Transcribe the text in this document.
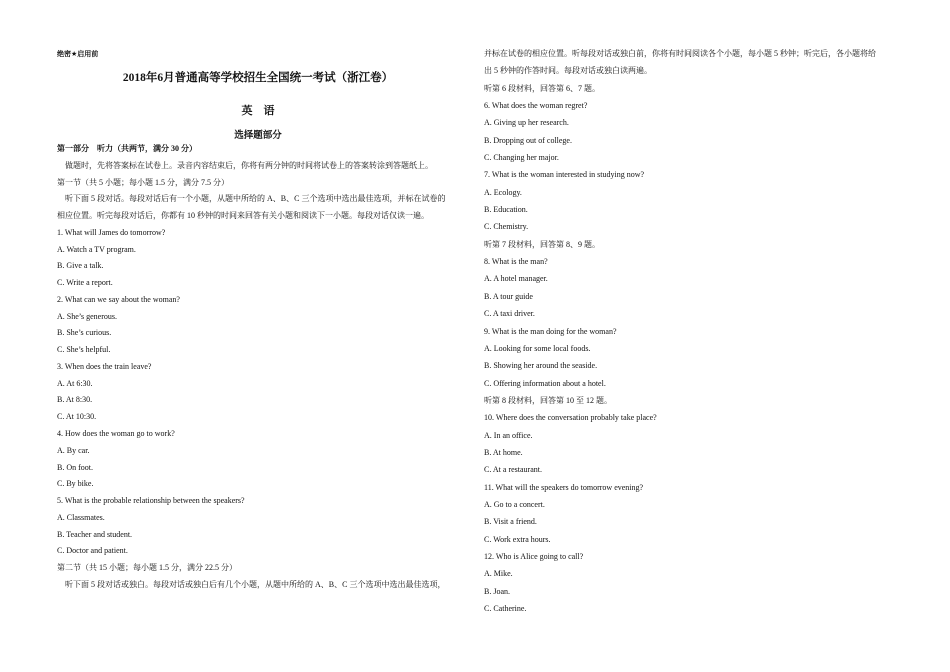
绝密★启用前
2018年6月普通高等学校招生全国统一考试（浙江卷）
英　语
选择题部分
第一部分　听力（共两节，满分 30 分）
做题时，先将答案标在试卷上。录音内容结束后，你将有两分钟的时间将试卷上的答案转涂到答题纸上。
第一节（共 5 小题；每小题 1.5 分，满分 7.5 分）
听下面 5 段对话。每段对话后有一个小题，从题中所给的 A、B、C 三个选项中选出最佳选项，并标在试卷的
相应位置。听完每段对话后，你都有 10 秒钟的时间来回答有关小题和阅读下一小题。每段对话仅读一遍。
1. What will James do tomorrow?
A. Watch a TV program.
B. Give a talk.
C. Write a report.
2. What can we say about the woman?
A. She’s generous.
B. She’s curious.
C. She’s helpful.
3. When does the train leave?
A. At 6:30.
B. At 8:30.
C. At 10:30.
4. How does the woman go to work?
A. By car.
B. On foot.
C. By bike.
5. What is the probable relationship between the speakers?
A. Classmates.
B. Teacher and student.
C. Doctor and patient.
第二节（共 15 小题；每小题 1.5 分，满分 22.5 分）
听下面 5 段对话或独白。每段对话或独白后有几个小题，从题中所给的 A、B、C 三个选项中选出最佳选项，
并标在试卷的相应位置。听每段对话或独白前，你将有时间阅读各个小题，每小题 5 秒钟；听完后，各小题将给
出 5 秒钟的作答时间。每段对话或独白读两遍。
听第 6 段材料，回答第 6、7 题。
6. What does the woman regret?
A. Giving up her research.
B. Dropping out of college.
C. Changing her major.
7. What is the woman interested in studying now?
A. Ecology.
B. Education.
C. Chemistry.
听第 7 段材料，回答第 8、9 题。
8. What is the man?
A. A hotel manager.
B. A tour guide
C. A taxi driver.
9. What is the man doing for the woman?
A. Looking for some local foods.
B. Showing her around the seaside.
C. Offering information about a hotel.
听第 8 段材料，回答第 10 至 12 题。
10. Where does the conversation probably take place?
A. In an office.
B. At home.
C. At a restaurant.
11. What will the speakers do tomorrow evening?
A. Go to a concert.
B. Visit a friend.
C. Work extra hours.
12. Who is Alice going to call?
A. Mike.
B. Joan.
C. Catherine.
